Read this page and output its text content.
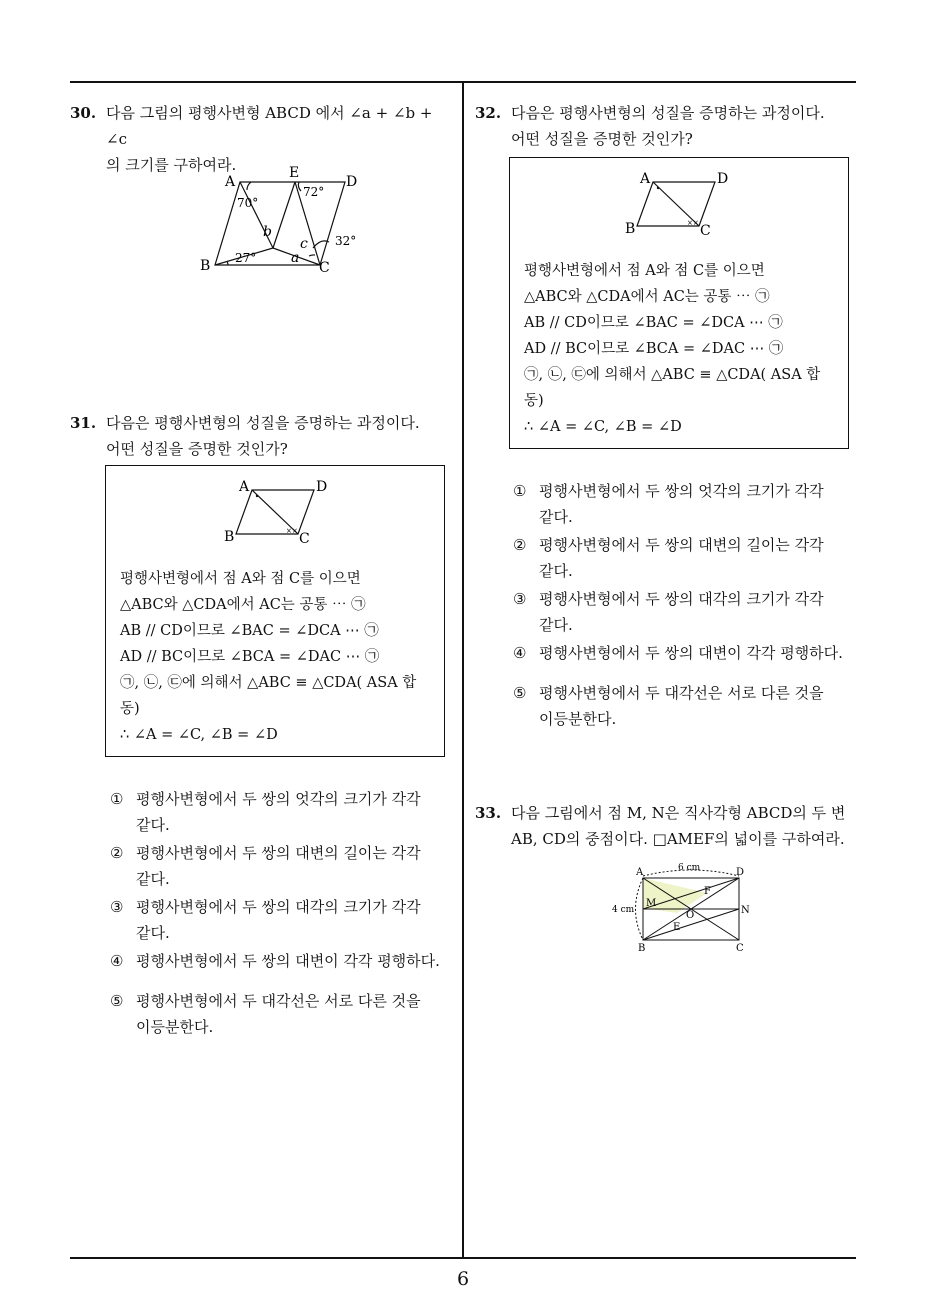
30. 다음 그림의 평행사변형 ABCD 에서 ∠a + ∠b + ∠c
의 크기를 구하여라.
A
E
D
B	C
70°
72°
32°
27°
b
c
a
31. 다음은 평행사변형의 성질을 증명하는 과정이다.
어떤 성질을 증명한 것인가?
××
A	D
B	C
평행사변형에서 점 A와 점 C를 이으면
△ABC와 △CDA에서 AC는 공통 ⋯ ㉠
AB // CD이므로 ∠BAC = ∠DCA ⋯ ㉠
AD // BC이므로 ∠BCA = ∠DAC ⋯ ㉠
㉠, ㉡, ㉢에 의해서 △ABC ≡ △CDA( ASA 합
동)
∴ ∠A = ∠C, ∠B = ∠D
① 평행사변형에서 두 쌍의 엇각의 크기가 각각
같다.
② 평행사변형에서 두 쌍의 대변의 길이는 각각
같다.
③ 평행사변형에서 두 쌍의 대각의 크기가 각각
같다.
④ 평행사변형에서 두 쌍의 대변이 각각 평행하다.
⑤ 평행사변형에서 두 대각선은 서로 다른 것을
이등분한다.
32. 다음은 평행사변형의 성질을 증명하는 과정이다.
어떤 성질을 증명한 것인가?
××
A	D
B	C
평행사변형에서 점 A와 점 C를 이으면
△ABC와 △CDA에서 AC는 공통 ⋯ ㉠
AB // CD이므로 ∠BAC = ∠DCA ⋯ ㉠
AD // BC이므로 ∠BCA = ∠DAC ⋯ ㉠
㉠, ㉡, ㉢에 의해서 △ABC ≡ △CDA( ASA 합
동)
∴ ∠A = ∠C, ∠B = ∠D
① 평행사변형에서 두 쌍의 엇각의 크기가 각각
같다.
② 평행사변형에서 두 쌍의 대변의 길이는 각각
같다.
③ 평행사변형에서 두 쌍의 대각의 크기가 각각
같다.
④ 평행사변형에서 두 쌍의 대변이 각각 평행하다.
⑤ 평행사변형에서 두 대각선은 서로 다른 것을
이등분한다.
33. 다음 그림에서 점 M, N은 직사각형 ABCD의 두 변
AB, CD의 중점이다. □AMEF의 넓이를 구하여라.
6 cm
4 cm
A	D
B	C
M
N
F
O
E
6
